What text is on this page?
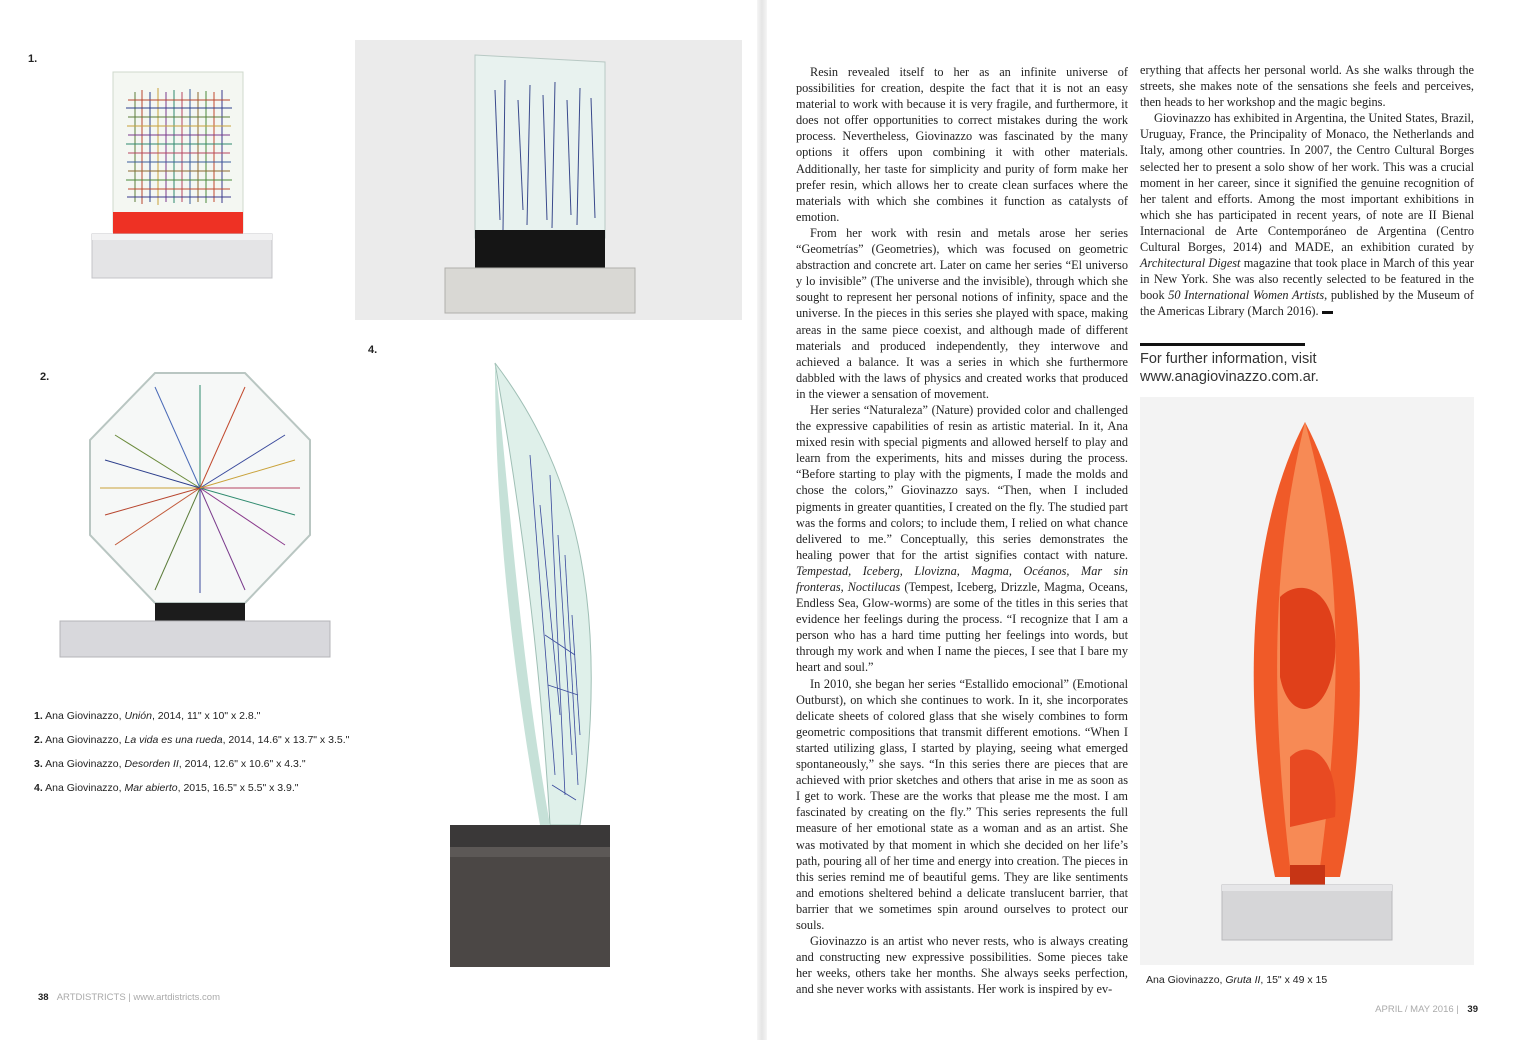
1.
2.
4.
1. Ana Giovinazzo, Unión, 2014, 11" x 10" x 2.8."
2. Ana Giovinazzo, La vida es una rueda, 2014, 14.6" x 13.7" x 3.5."
3. Ana Giovinazzo, Desorden II, 2014, 12.6" x 10.6" x 4.3."
4. Ana Giovinazzo, Mar abierto, 2015, 16.5" x 5.5" x 3.9."
38 ARTDISTRICTS | www.artdistricts.com

Resin revealed itself to her as an infinite universe of possibilities for creation, despite the fact that it is not an easy material to work with because it is very fragile, and furthermore, it does not offer opportunities to correct mistakes during the work process. Nevertheless, Giovinazzo was fascinated by the many options it offers upon combining it with other materials. Additionally, her taste for simplicity and purity of form make her prefer resin, which allows her to create clean surfaces where the materials with which she combines it function as catalysts of emotion.

From her work with resin and metals arose her series “Geometrías” (Geometries), which was focused on geometric abstraction and concrete art. Later on came her series “El universo y lo invisible” (The universe and the invisible), through which she sought to represent her personal notions of infinity, space and the universe. In the pieces in this series she played with space, making areas in the same piece coexist, and although made of different materials and produced independently, they interwove and achieved a balance. It was a series in which she furthermore dabbled with the laws of physics and created works that produced in the viewer a sensation of movement.

Her series “Naturaleza” (Nature) provided color and challenged the expressive capabilities of resin as artistic material. In it, Ana mixed resin with special pigments and allowed herself to play and learn from the experiments, hits and misses during the process. “Before starting to play with the pigments, I made the molds and chose the colors,” Giovinazzo says. “Then, when I included pigments in greater quantities, I created on the fly. The studied part was the forms and colors; to include them, I relied on what chance delivered to me.” Conceptually, this series demonstrates the healing power that for the artist signifies contact with nature. Tempestad, Iceberg, Llovizna, Magma, Océanos, Mar sin fronteras, Noctilucas (Tempest, Iceberg, Drizzle, Magma, Oceans, Endless Sea, Glow-worms) are some of the titles in this series that evidence her feelings during the process. “I recognize that I am a person who has a hard time putting her feelings into words, but through my work and when I name the pieces, I see that I bare my heart and soul.”

In 2010, she began her series “Estallido emocional” (Emotional Outburst), on which she continues to work. In it, she incorporates delicate sheets of colored glass that she wisely combines to form geometric compositions that transmit different emotions. “When I started utilizing glass, I started by playing, seeing what emerged spontaneously,” she says. “In this series there are pieces that are achieved with prior sketches and others that arise in me as soon as I get to work. These are the works that please me the most. I am fascinated by creating on the fly.” This series represents the full measure of her emotional state as a woman and as an artist. She was motivated by that moment in which she decided on her life’s path, pouring all of her time and energy into creation. The pieces in this series remind me of beautiful gems. They are like sentiments and emotions sheltered behind a delicate translucent barrier, that barrier that we sometimes spin around ourselves to protect our souls.

Giovinazzo is an artist who never rests, who is always creating and constructing new expressive possibilities. Some pieces take her weeks, others take her months. She always seeks perfection, and she never works with assistants. Her work is inspired by ev-

erything that affects her personal world. As she walks through the streets, she makes note of the sensations she feels and perceives, then heads to her workshop and the magic begins.

Giovinazzo has exhibited in Argentina, the United States, Brazil, Uruguay, France, the Principality of Monaco, the Netherlands and Italy, among other countries. In 2007, the Centro Cultural Borges selected her to present a solo show of her work. This was a crucial moment in her career, since it signified the genuine recognition of her talent and efforts. Among the most important exhibitions in which she has participated in recent years, of note are II Bienal Internacional de Arte Contemporáneo de Argentina (Centro Cultural Borges, 2014) and MADE, an exhibition curated by Architectural Digest magazine that took place in March of this year in New York. She was also recently selected to be featured in the book 50 International Women Artists, published by the Museum of the Americas Library (March 2016).

For further information, visit
www.anagiovinazzo.com.ar.
Ana Giovinazzo, Gruta II, 15" x 49 x 15
APRIL / MAY 2016 | 39
